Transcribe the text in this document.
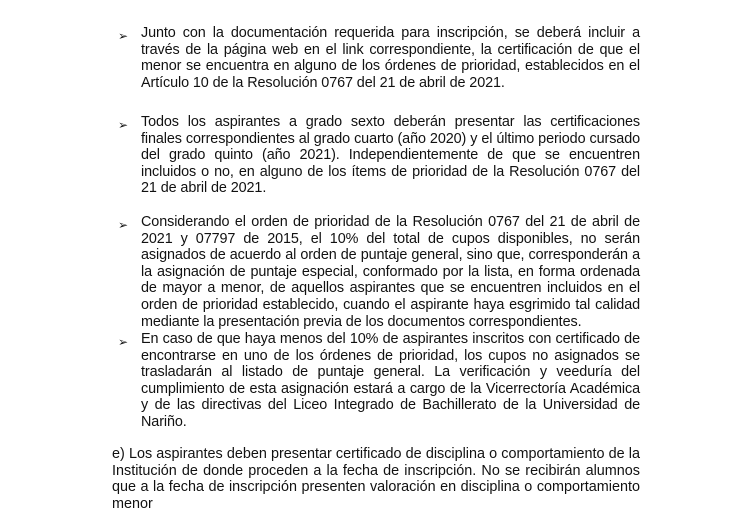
➢ Junto con la documentación requerida para inscripción, se deberá incluir a través de la página web en el link correspondiente, la certificación de que el menor se encuentra en alguno de los órdenes de prioridad, establecidos en el Artículo 10 de la Resolución 0767 del 21 de abril de 2021.
➢ Todos los aspirantes a grado sexto deberán presentar las certificaciones finales correspondientes al grado cuarto (año 2020) y el último periodo cursado del grado quinto (año 2021). Independientemente de que se encuentren incluidos o no, en alguno de los ítems de prioridad de la Resolución 0767 del 21 de abril de 2021.
➢ Considerando el orden de prioridad de la Resolución 0767 del 21 de abril de 2021 y 07797 de 2015, el 10% del total de cupos disponibles, no serán asignados de acuerdo al orden de puntaje general, sino que, corresponderán a la asignación de puntaje especial, conformado por la lista, en forma ordenada de mayor a menor, de aquellos aspirantes que se encuentren incluidos en el orden de prioridad establecido, cuando el aspirante haya esgrimido tal calidad mediante la presentación previa de los documentos correspondientes.
➢ En caso de que haya menos del 10% de aspirantes inscritos con certificado de encontrarse en uno de los órdenes de prioridad, los cupos no asignados se trasladarán al listado de puntaje general. La verificación y veeduría del cumplimiento de esta asignación estará a cargo de la Vicerrectoría Académica y de las directivas del Liceo Integrado de Bachillerato de la Universidad de Nariño.
e) Los aspirantes deben presentar certificado de disciplina o comportamiento de la Institución de donde proceden a la fecha de inscripción. No se recibirán alumnos que a la fecha de inscripción presenten valoración en disciplina o comportamiento menor
